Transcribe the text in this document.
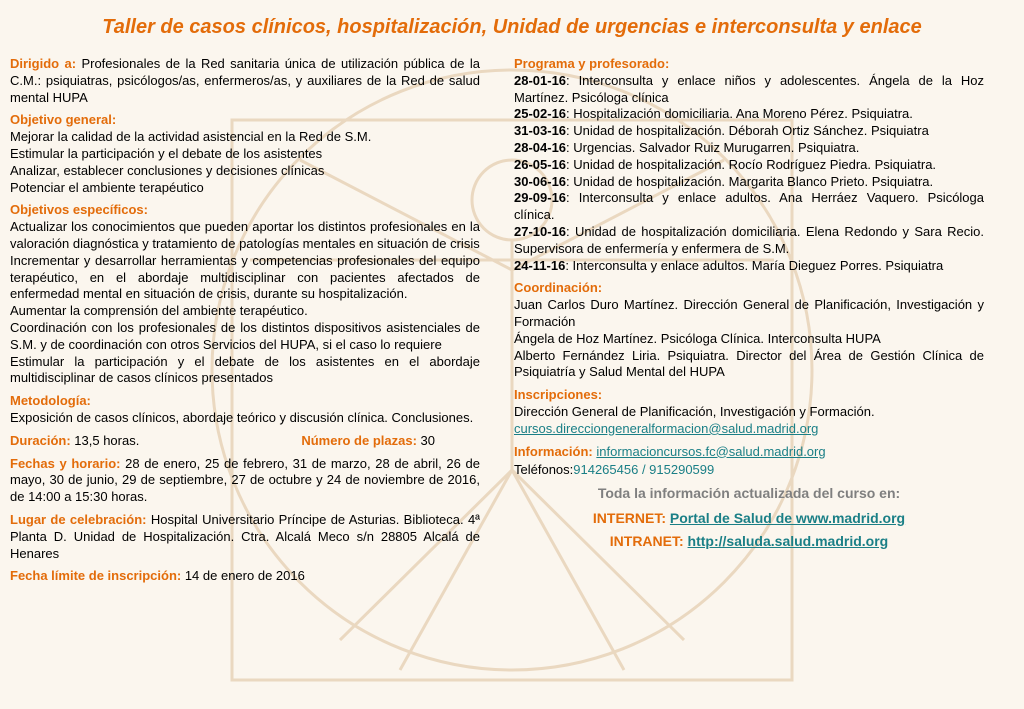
Taller de casos clínicos, hospitalización, Unidad de urgencias e interconsulta y enlace
Dirigido a: Profesionales de la Red sanitaria única de utilización pública de la C.M.: psiquiatras, psicólogos/as, enfermeros/as, y auxiliares de la Red de salud mental HUPA
Objetivo general:
Mejorar la calidad de la actividad asistencial en la Red de S.M.
Estimular la participación y el debate de los asistentes
Analizar, establecer conclusiones y decisiones clínicas
Potenciar el ambiente terapéutico
Objetivos específicos:
Actualizar los conocimientos que pueden aportar los distintos profesionales en la valoración diagnóstica y tratamiento de patologías mentales en situación de crisis
Incrementar y desarrollar herramientas y competencias profesionales del equipo terapéutico, en el abordaje multidisciplinar con pacientes afectados de enfermedad mental en situación de crisis, durante su hospitalización.
Aumentar la comprensión del ambiente terapéutico.
Coordinación con los profesionales de los distintos dispositivos asistenciales de S.M. y de coordinación con otros Servicios del HUPA, si el caso lo requiere
Estimular la participación y el debate de los asistentes en el abordaje multidisciplinar de casos clínicos presentados
Metodología:
Exposición de casos clínicos, abordaje teórico y discusión clínica. Conclusiones.
Duración: 13,5 horas.	Número de plazas: 30
Fechas y horario: 28 de enero, 25 de febrero, 31 de marzo, 28 de abril, 26 de mayo, 30 de junio, 29 de septiembre, 27 de octubre y 24 de noviembre de 2016, de 14:00 a 15:30 horas.
Lugar de celebración: Hospital Universitario Príncipe de Asturias. Biblioteca. 4ª Planta D. Unidad de Hospitalización. Ctra. Alcalá Meco s/n 28805 Alcalá de Henares
Fecha límite de inscripción: 14 de enero de 2016
Programa y profesorado:
28-01-16: Interconsulta y enlace niños y adolescentes. Ángela de la Hoz Martínez. Psicóloga clínica
25-02-16: Hospitalización domiciliaria. Ana Moreno Pérez. Psiquiatra.
31-03-16: Unidad de hospitalización. Déborah Ortiz Sánchez. Psiquiatra
28-04-16: Urgencias. Salvador Ruiz Murugarren. Psiquiatra.
26-05-16: Unidad de hospitalización. Rocío Rodríguez Piedra. Psiquiatra.
30-06-16: Unidad de hospitalización. Margarita Blanco Prieto. Psiquiatra.
29-09-16: Interconsulta y enlace adultos. Ana Herráez Vaquero. Psicóloga clínica.
27-10-16: Unidad de hospitalización domiciliaria. Elena Redondo y Sara Recio. Supervisora de enfermería y enfermera de S.M.
24-11-16: Interconsulta y enlace adultos. María Dieguez Porres. Psiquiatra
Coordinación:
Juan Carlos Duro Martínez. Dirección General de Planificación, Investigación y Formación
Ángela de Hoz Martínez. Psicóloga Clínica. Interconsulta HUPA
Alberto Fernández Liria. Psiquiatra. Director del Área de Gestión Clínica de Psiquiatría y Salud Mental del HUPA
Inscripciones:
Dirección General de Planificación, Investigación y Formación.
cursos.direcciongeneralformacion@salud.madrid.org
Información: informacioncursos.fc@salud.madrid.org
Teléfonos:914265456 / 915290599
Toda la información actualizada del curso en:
INTERNET: Portal de Salud de www.madrid.org
INTRANET: http://saluda.salud.madrid.org
